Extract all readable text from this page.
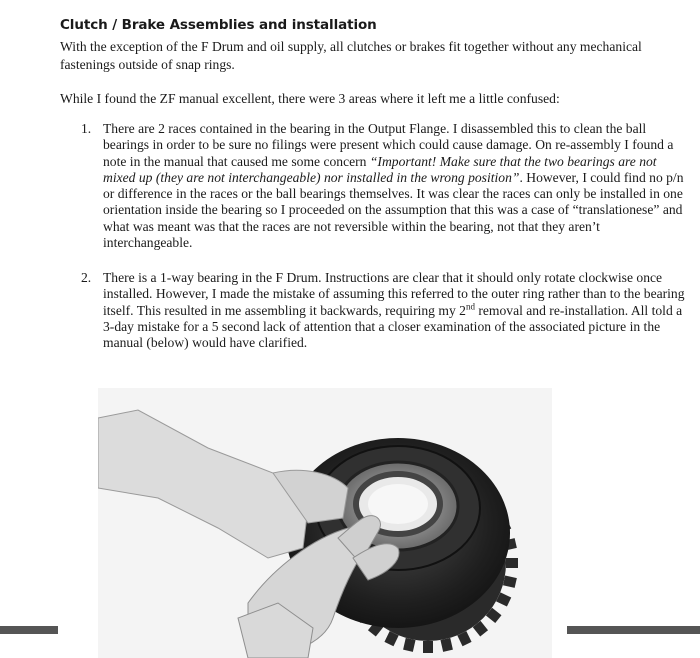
Clutch / Brake Assemblies and installation
With the exception of the F Drum and oil supply, all clutches or brakes fit together without any mechanical fastenings outside of snap rings.
While I found the ZF manual excellent, there were 3 areas where it left me a little confused:
1. There are 2 races contained in the bearing in the Output Flange. I disassembled this to clean the ball bearings in order to be sure no filings were present which could cause damage. On re-assembly I found a note in the manual that caused me some concern “Important! Make sure that the two bearings are not mixed up (they are not interchangeable) nor installed in the wrong position”. However, I could find no p/n or difference in the races or the ball bearings themselves. It was clear the races can only be installed in one orientation inside the bearing so I proceeded on the assumption that this was a case of “translationese” and what was meant was that the races are not reversible within the bearing, not that they aren’t interchangeable.
2. There is a 1-way bearing in the F Drum. Instructions are clear that it should only rotate clockwise once installed. However, I made the mistake of assuming this referred to the outer ring rather than to the bearing itself. This resulted in me assembling it backwards, requiring my 2nd removal and re-installation. All told a 3-day mistake for a 5 second lack of attention that a closer examination of the associated picture in the manual (below) would have clarified.
